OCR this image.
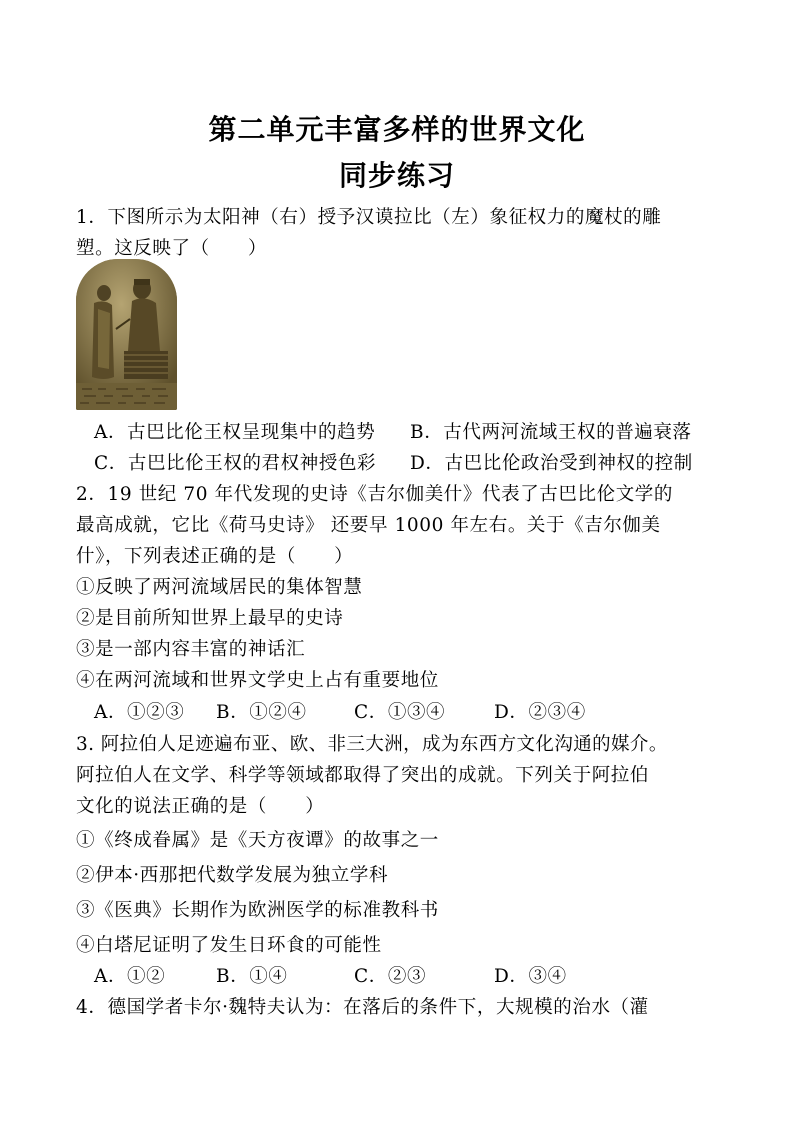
第二单元丰富多样的世界文化
同步练习
1．下图所示为太阳神（右）授予汉谟拉比（左）象征权力的魔杖的雕
塑。这反映了（　　）
A．古巴比伦王权呈现集中的趋势 B．古代两河流域王权的普遍衰落
C．古巴比伦王权的君权神授色彩 D．古巴比伦政治受到神权的控制
2．19 世纪 70 年代发现的史诗《吉尔伽美什》代表了古巴比伦文学的
最高成就，它比《荷马史诗》 还要早 1000 年左右。关于《吉尔伽美
什》，下列表述正确的是（　　）
①反映了两河流域居民的集体智慧
②是目前所知世界上最早的史诗
③是一部内容丰富的神话汇
④在两河流域和世界文学史上占有重要地位
A．①②③ B．①②④	C．①③④	D．②③④
3. 阿拉伯人足迹遍布亚、欧、非三大洲，成为东西方文化沟通的媒介。
阿拉伯人在文学、科学等领域都取得了突出的成就。下列关于阿拉伯
文化的说法正确的是（　　）
①《终成眷属》是《天方夜谭》的故事之一
②伊本·西那把代数学发展为独立学科
③《医典》长期作为欧洲医学的标准教科书
④白塔尼证明了发生日环食的可能性
A．①②	B．①④	C．②③	D．③④
4．德国学者卡尔·魏特夫认为：在落后的条件下，大规模的治水（灌
